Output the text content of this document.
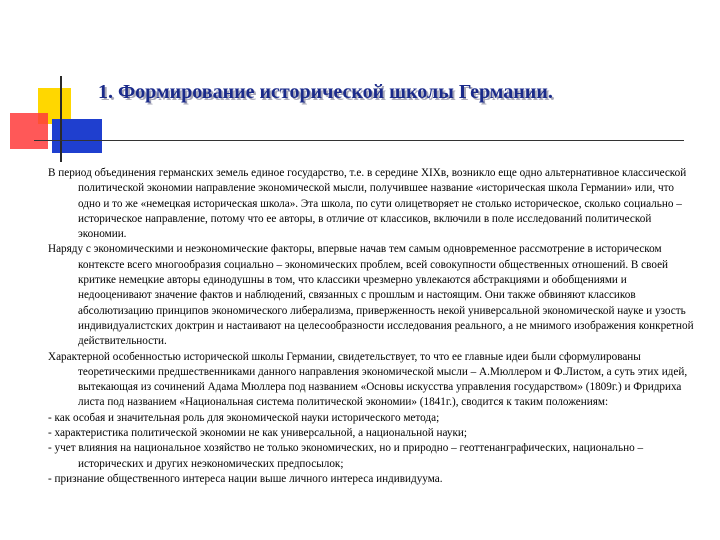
1. Формирование исторической школы Германии.

В период объединения германских земель единое государство, т.е. в середине XIXв, возникло еще одно альтернативное классической политической экономии направление экономической мысли, получившее название «историческая школа Германии» или, что одно и то же «немецкая историческая школа». Эта школа, по сути олицетворяет не столько историческое, сколько социально – историческое направление, потому что ее авторы, в отличие от классиков, включили в поле исследований политической экономии.

Наряду с экономическими и неэкономические факторы, впервые начав тем самым одновременное рассмотрение в историческом контексте всего многообразия социально – экономических проблем, всей совокупности общественных отношений. В своей критике немецкие авторы единодушны в том, что классики чрезмерно увлекаются абстракциями и обобщениями и недооценивают значение фактов и наблюдений, связанных с прошлым и настоящим. Они также обвиняют классиков абсолютизацию принципов экономического либерализма, приверженность некой универсальной экономической науке и узость индивидуалистских доктрин и настаивают на целесообразности исследования реального, а не мнимого изображения конкретной действительности.

Характерной особенностью исторической школы Германии, свидетельствует, то что ее главные идеи были сформулированы теоретическими предшественниками данного направления экономической мысли – А.Мюллером и Ф.Листом, а суть этих идей, вытекающая из сочинений Адама Мюллера под названием «Основы искусства управления государством» (1809г.) и Фридриха листа под названием «Национальная система политической экономии» (1841г.), сводится к таким положениям:

- как особая и значительная роль для экономической науки исторического метода;

- характеристика политической экономии не как универсальной, а национальной науки;

- учет влияния на национальное хозяйство не только экономических, но и природно – геоттенанграфических, национально – исторических и других неэкономических предпосылок;

- признание общественного интереса нации выше личного интереса индивидуума.
